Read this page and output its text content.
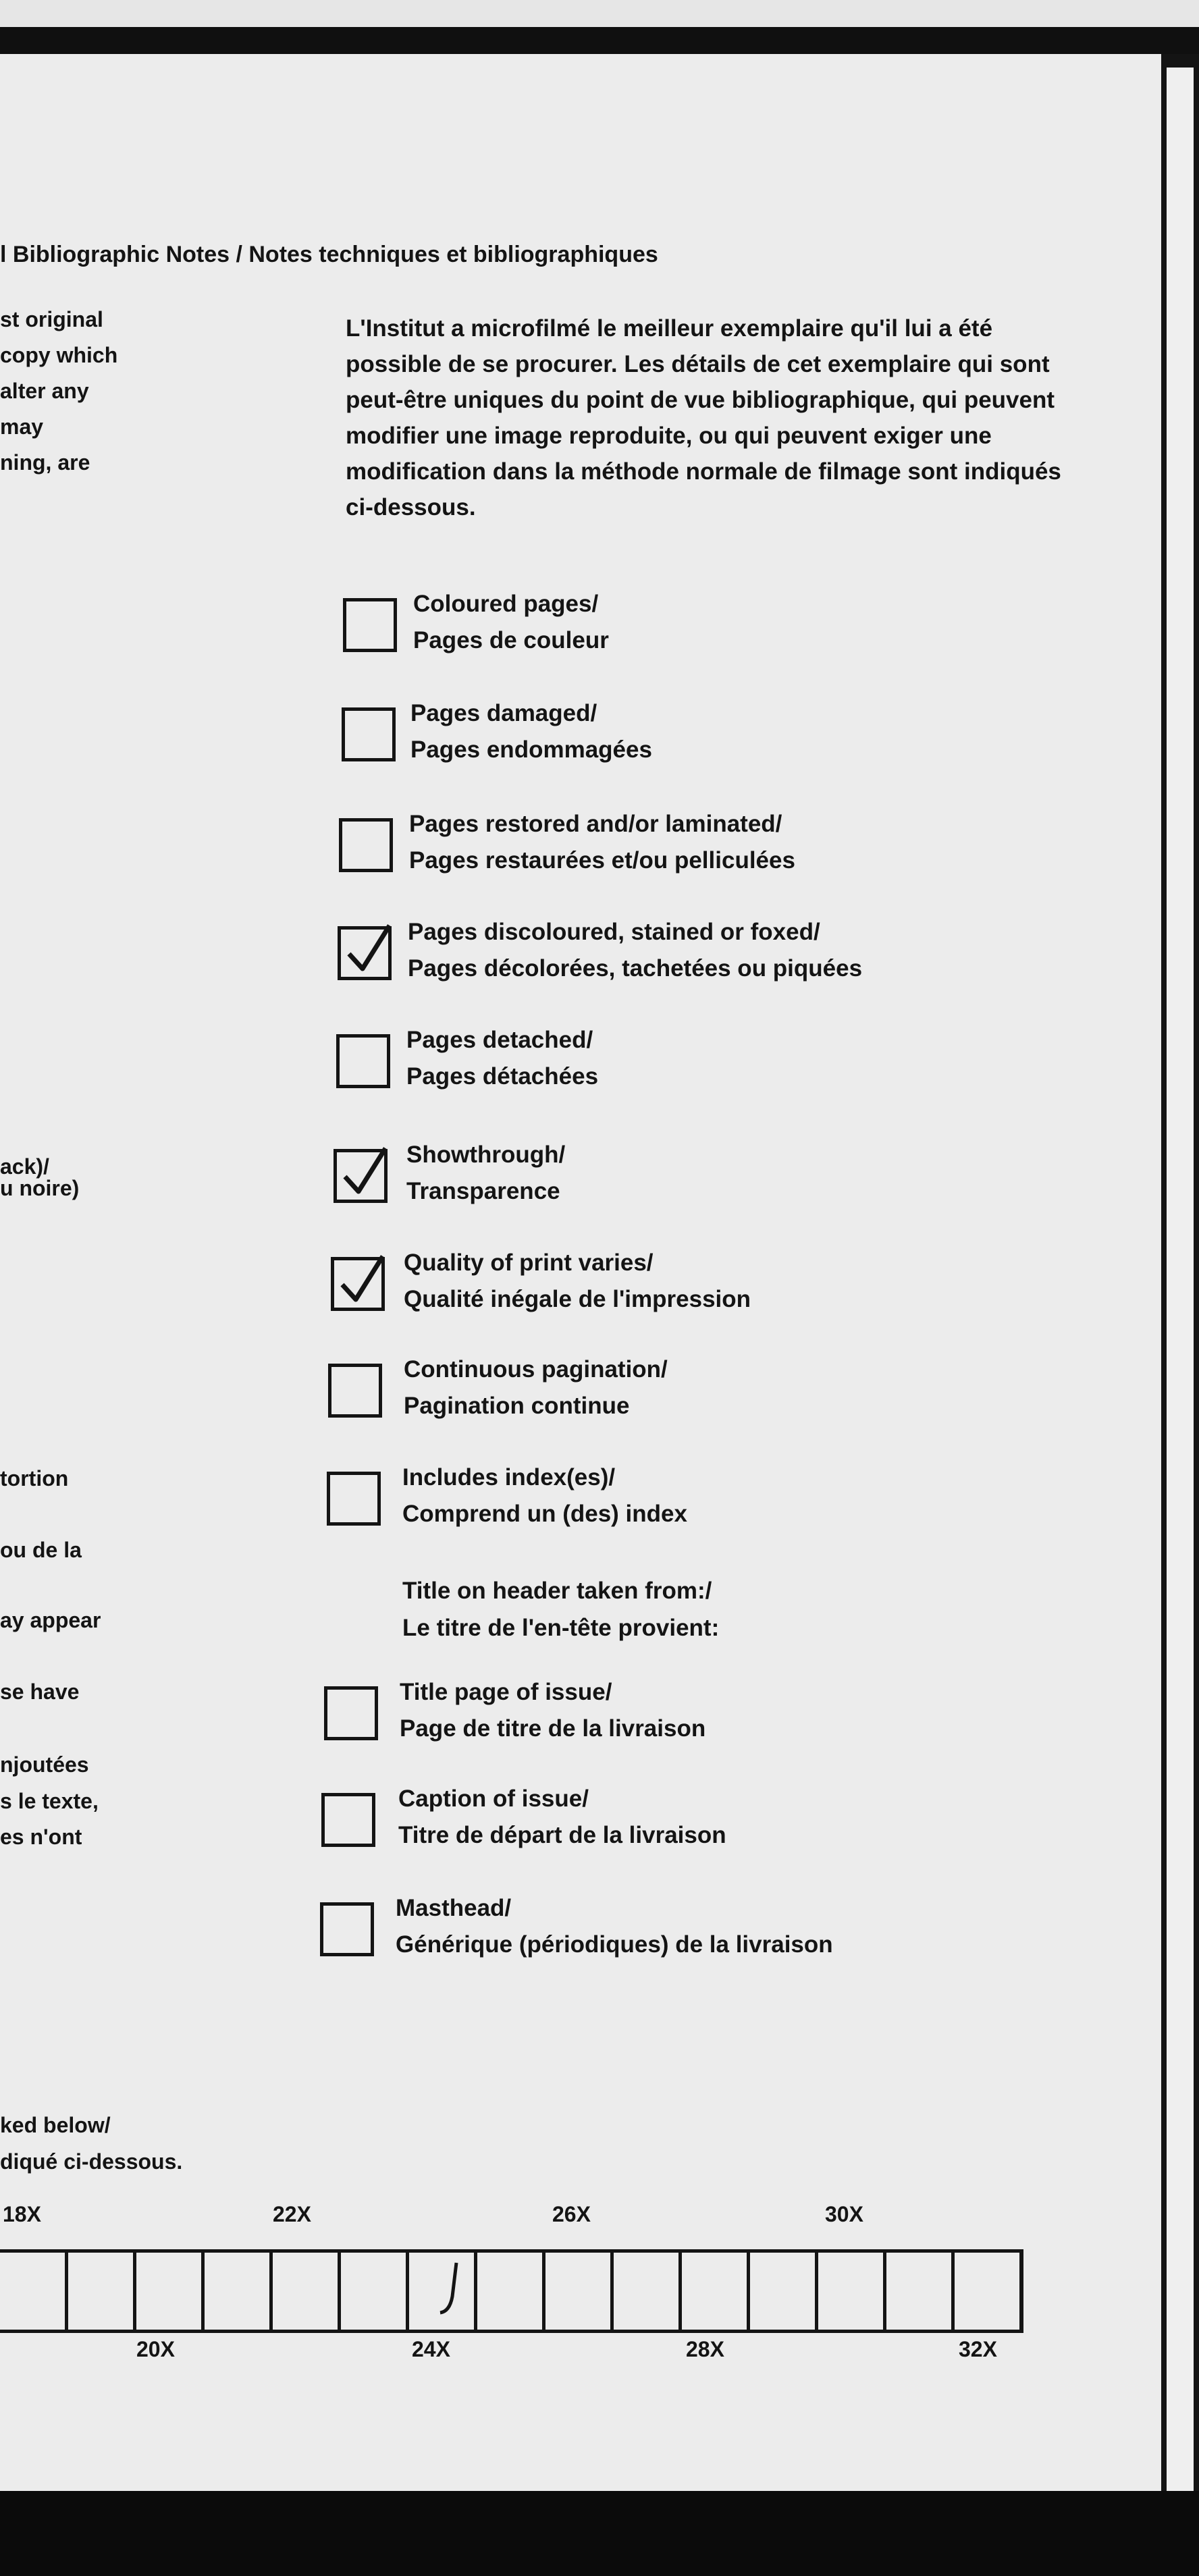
l Bibliographic Notes / Notes techniques et bibliographiques
st original
copy which
alter any
may
ning, are
ack)/
u noire)
tortion
ou de la
ay appear
se have
njoutées
s le texte,
es n'ont
ked below/
diqué ci-dessous.
L'Institut a microfilmé le meilleur exemplaire qu'il lui a été possible de se procurer. Les détails de cet exemplaire qui sont peut-être uniques du point de vue bibliographique, qui peuvent modifier une image reproduite, ou qui peuvent exiger une modification dans la méthode normale de filmage sont indiqués ci-dessous.
Coloured pages/
Pages de couleur
Pages damaged/
Pages endommagées
Pages restored and/or laminated/
Pages restaurées et/ou pelliculées
Pages discoloured, stained or foxed/
Pages décolorées, tachetées ou piquées
Pages detached/
Pages détachées
Showthrough/
Transparence
Quality of print varies/
Qualité inégale de l'impression
Continuous pagination/
Pagination continue
Includes index(es)/
Comprend un (des) index
Title on header taken from:/
Le titre de l'en-tête provient:
Title page of issue/
Page de titre de la livraison
Caption of issue/
Titre de départ de la livraison
Masthead/
Générique (périodiques) de la livraison
18X	22X	26X	30X
20X	24X	28X	32X
